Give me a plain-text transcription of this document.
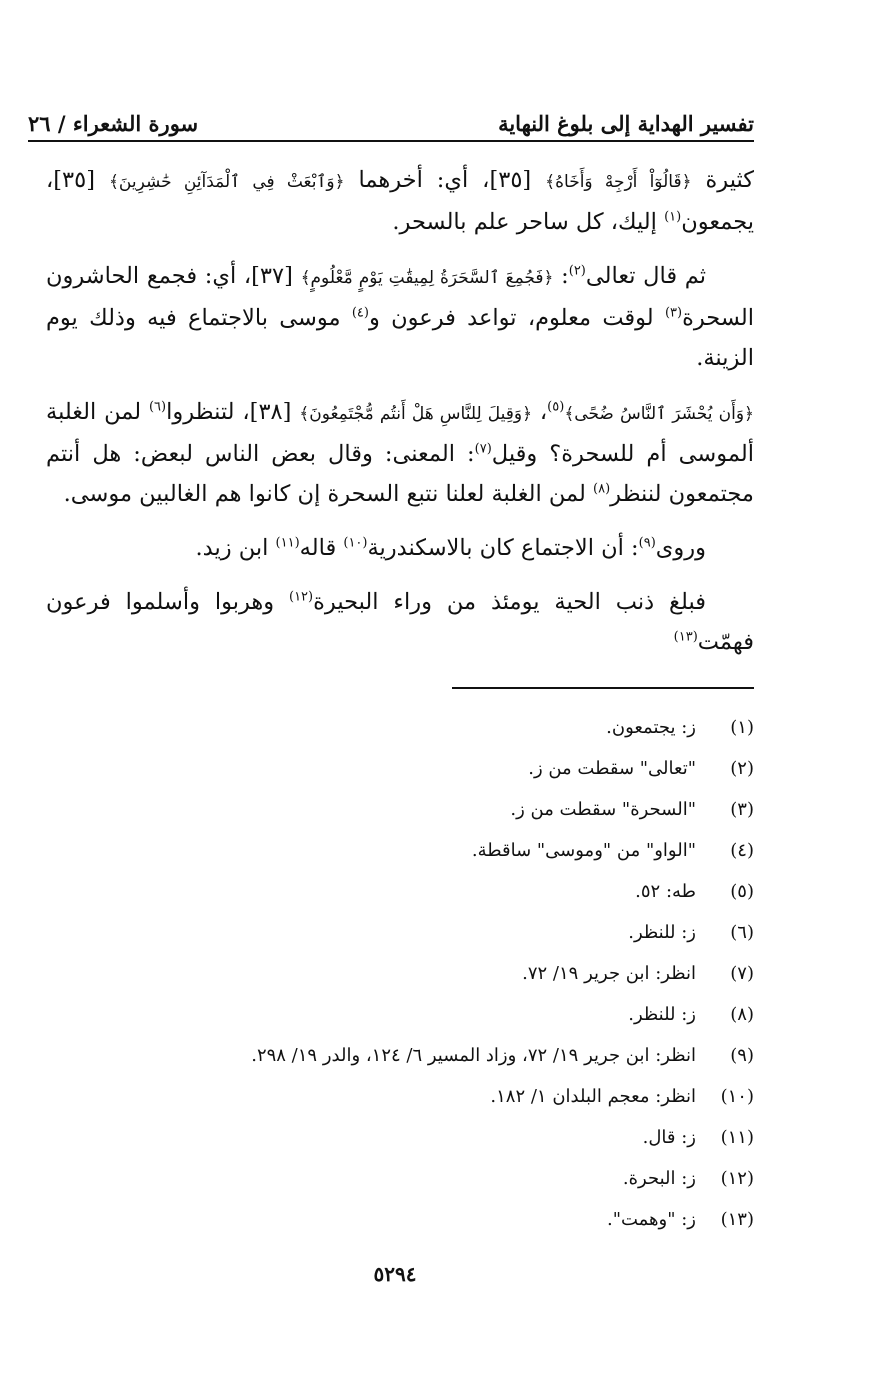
تفسير الهداية إلى بلوغ النهاية
سورة الشعراء / ٢٦

كثيرة ﴿قَالُوٓاْ أَرْجِهْ وَأَخَاهُ﴾ [٣٥]، أي: أخرهما ﴿وَٱبْعَثْ فِي ٱلْمَدَآئِنِ حَٰشِرِينَ﴾ [٣٥]، يجمعون$^{(١)}$ إليك، كل ساحر علم بالسحر.

ثم قال تعالى$^{(٢)}$: ﴿فَجُمِعَ ٱلسَّحَرَةُ لِمِيقَٰتِ يَوْمٍ مَّعْلُومٍ﴾ [٣٧]، أي: فجمع الحاشرون السحرة$^{(٣)}$ لوقت معلوم، تواعد فرعون و$^{(٤)}$ موسى بالاجتماع فيه وذلك يوم الزينة.

﴿وَأَن يُحْشَرَ ٱلنَّاسُ ضُحًى﴾$^{(٥)}$، ﴿وَقِيلَ لِلنَّاسِ هَلْ أَنتُم مُّجْتَمِعُونَ﴾ [٣٨]، لتنظروا$^{(٦)}$ لمن الغلبة ألموسى أم للسحرة؟ وقيل$^{(٧)}$: المعنى: وقال بعض الناس لبعض: هل أنتم مجتمعون لننظر$^{(٨)}$ لمن الغلبة لعلنا نتبع السحرة إن كانوا هم الغالبين موسى.

وروى$^{(٩)}$: أن الاجتماع كان بالاسكندرية$^{(١٠)}$ قاله$^{(١١)}$ ابن زيد.

فبلغ ذنب الحية يومئذ من وراء البحيرة$^{(١٢)}$ وهربوا وأسلموا فرعون فهمّت$^{(١٣)}$

(١)
ز: يجتمعون.
(٢)
"تعالى" سقطت من ز.
(٣)
"السحرة" سقطت من ز.
(٤)
"الواو" من "وموسى" ساقطة.
(٥)
طه: ٥٢.
(٦)
ز: للنظر.
(٧)
انظر: ابن جرير ١٩/ ٧٢.
(٨)
ز: للنظر.
(٩)
انظر: ابن جرير ١٩/ ٧٢، وزاد المسير ٦/ ١٢٤، والدر ١٩/ ٢٩٨.
(١٠)
انظر: معجم البلدان ١/ ١٨٢.
(١١)
ز: قال.
(١٢)
ز: البحرة.
(١٣)
ز: "وهمت".
٥٢٩٤
